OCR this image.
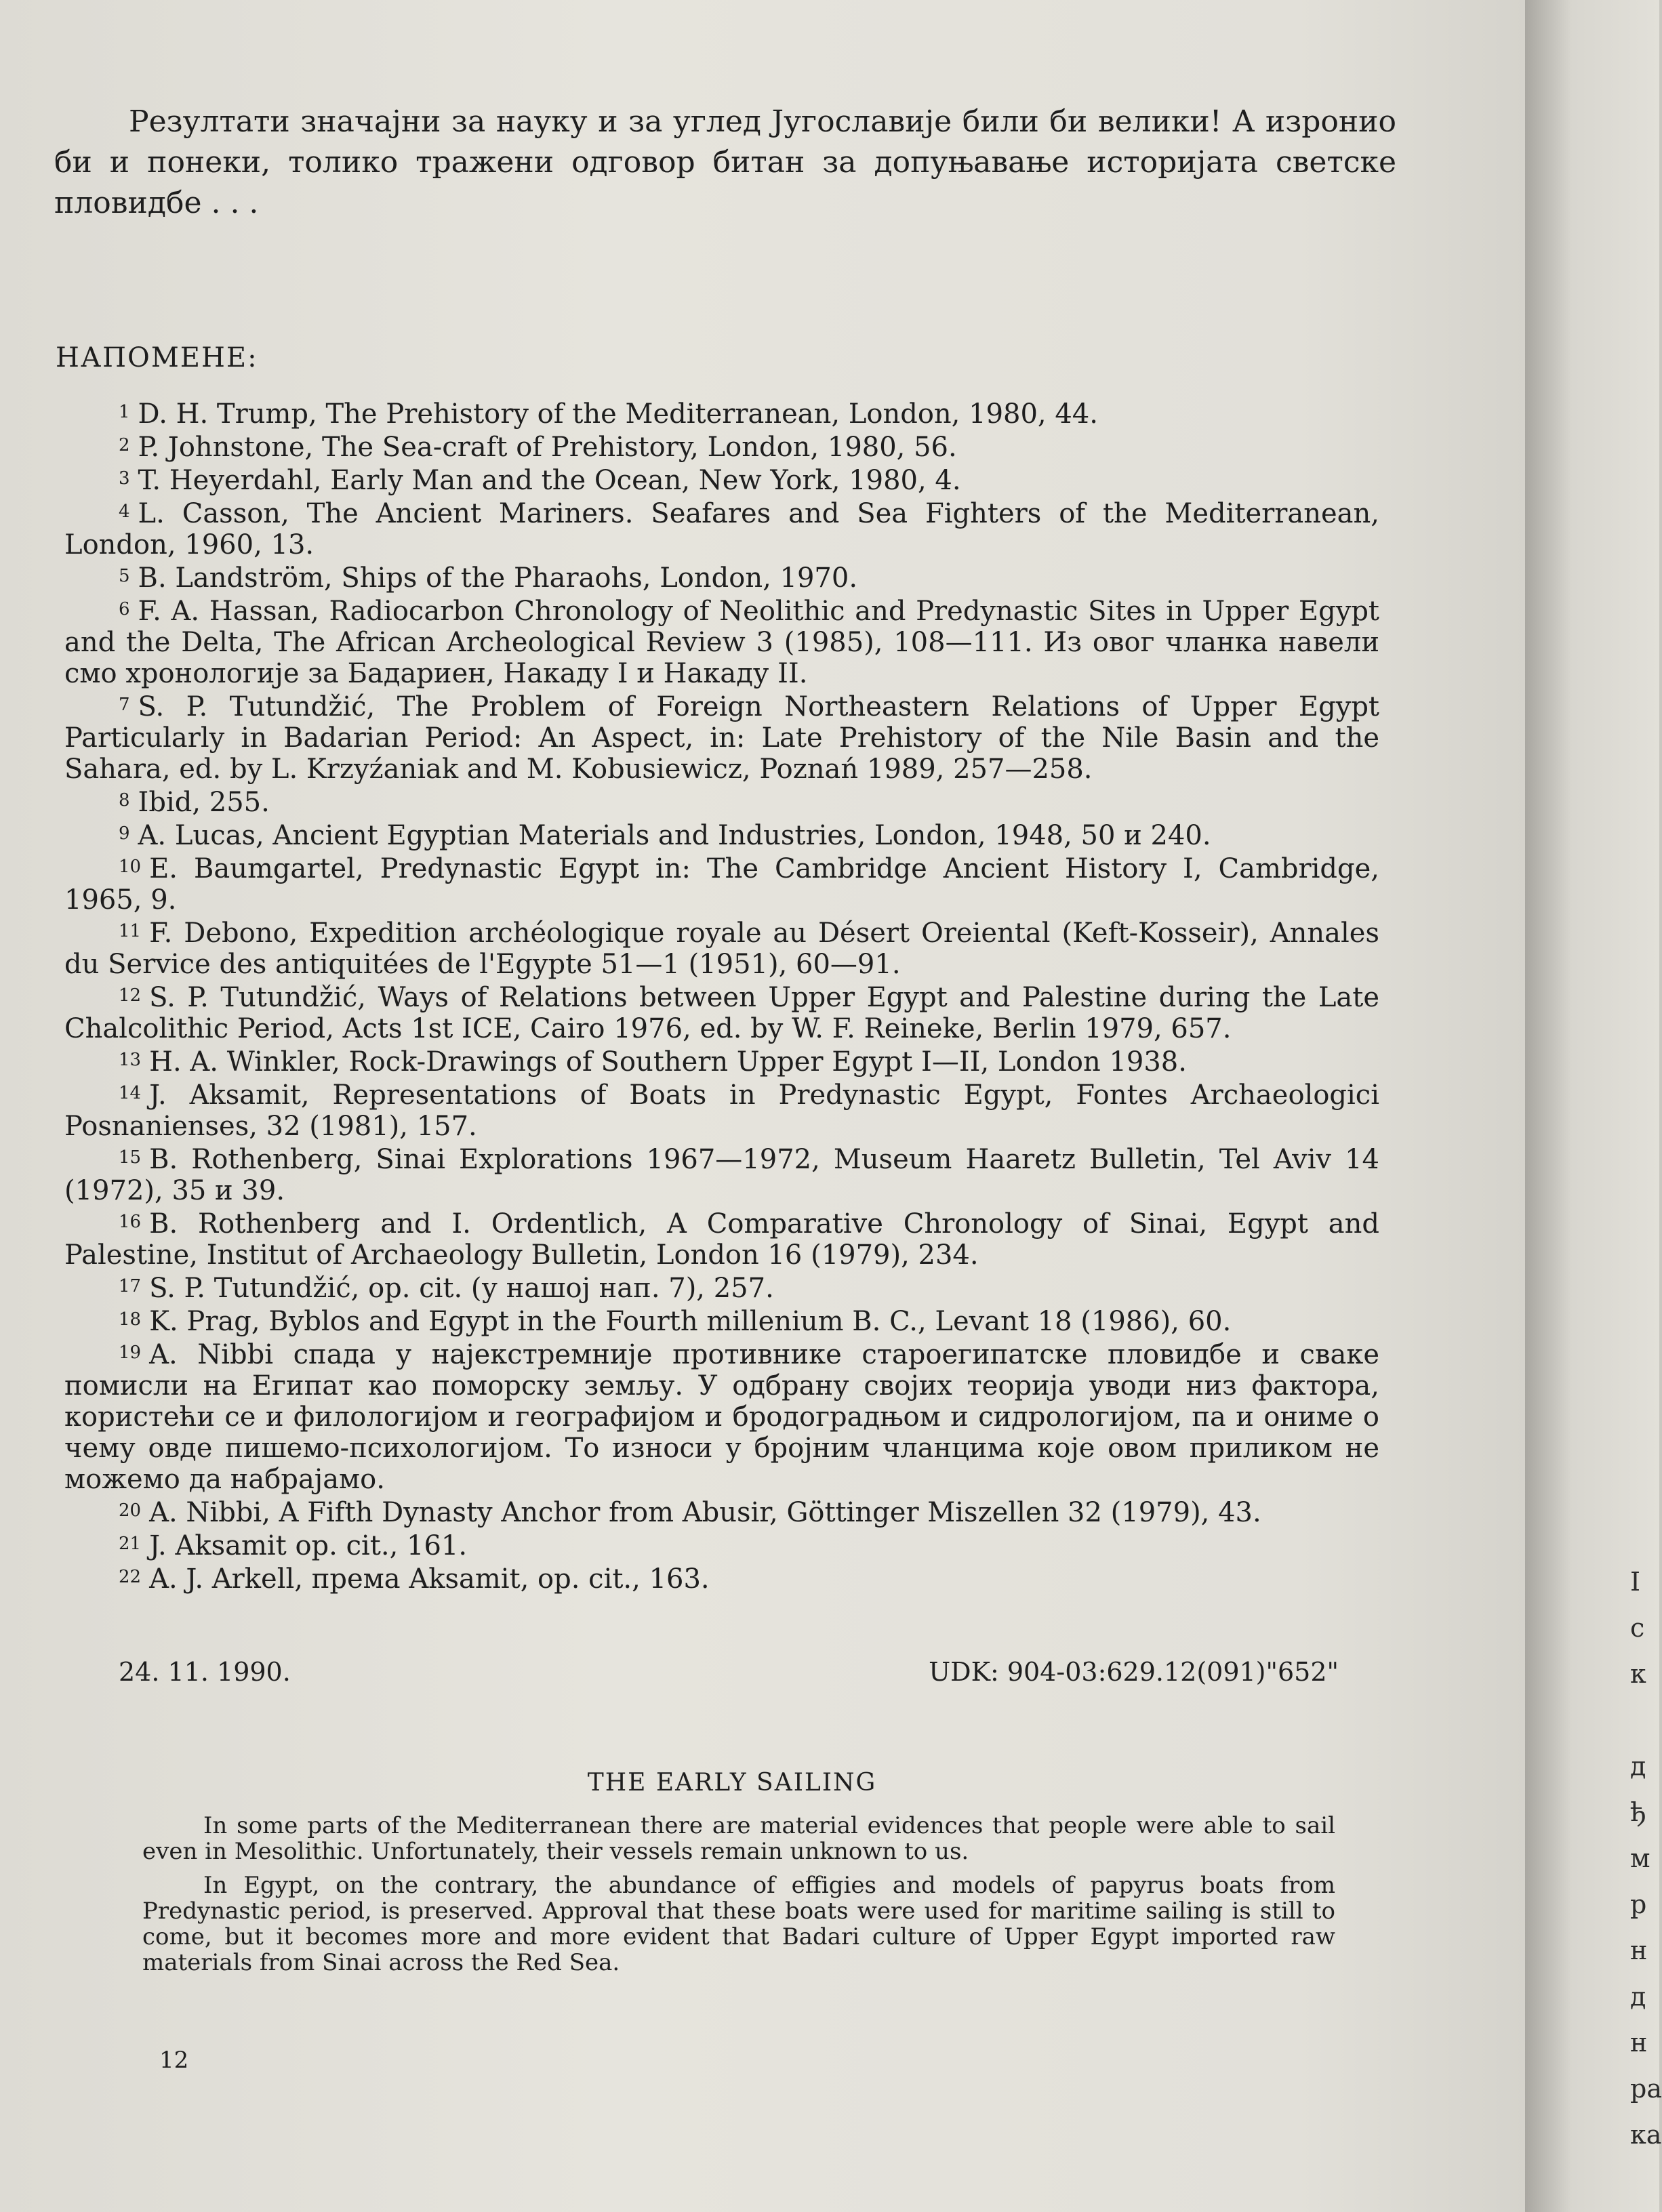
Резултати значајни за науку и за углед Југославије били би велики! А изронио би и понеки, толико тражени одговор битан за допуњавање историјата светске пловидбе . . .

НАПОМЕНЕ:

$^1$ D. H. Trump, The Prehistory of the Mediterranean, London, 1980, 44.

$^2$ P. Johnstone, The Sea-craft of Prehistory, London, 1980, 56.

$^3$ T. Heyerdahl, Early Man and the Ocean, New York, 1980, 4.

$^4$ L. Casson, The Ancient Mariners. Seafares and Sea Fighters of the Mediterranean, London, 1960, 13.

$^5$ B. Landström, Ships of the Pharaohs, London, 1970.

$^6$ F. A. Hassan, Radiocarbon Chronology of Neolithic and Predynastic Sites in Upper Egypt and the Delta, The African Archeological Review 3 (1985), 108—111. Из овог чланка навели смо хронологије за Бадариен, Накаду I и Накаду II.

$^7$ S. P. Tutundžić, The Problem of Foreign Northeastern Relations of Upper Egypt Particularly in Badarian Period: An Aspect, in: Late Prehistory of the Nile Basin and the Sahara, ed. by L. Krzyźaniak and M. Kobusiewicz, Poznań 1989, 257—258.

$^8$ Ibid, 255.

$^9$ A. Lucas, Ancient Egyptian Materials and Industries, London, 1948, 50 и 240.

$^{10}$ E. Baumgartel, Predynastic Egypt in: The Cambridge Ancient History I, Cambridge, 1965, 9.

$^{11}$ F. Debono, Expedition archéologique royale au Désert Oreiental (Keft-Kosseir), Annales du Service des antiquitées de l'Egypte 51—1 (1951), 60—91.

$^{12}$ S. P. Tutundžić, Ways of Relations between Upper Egypt and Palestine during the Late Chalcolithic Period, Acts 1st ICE, Cairo 1976, ed. by W. F. Reineke, Berlin 1979, 657.

$^{13}$ H. A. Winkler, Rock-Drawings of Southern Upper Egypt I—II, London 1938.

$^{14}$ J. Aksamit, Representations of Boats in Predynastic Egypt, Fontes Archaeologici Posnanienses, 32 (1981), 157.

$^{15}$ B. Rothenberg, Sinai Explorations 1967—1972, Museum Haaretz Bulletin, Tel Aviv 14 (1972), 35 и 39.

$^{16}$ B. Rothenberg and I. Ordentlich, A Comparative Chronology of Sinai, Egypt and Palestine, Institut of Archaeology Bulletin, London 16 (1979), 234.

$^{17}$ S. P. Tutundžić, op. cit. (у нашој нап. 7), 257.

$^{18}$ K. Prag, Byblos and Egypt in the Fourth millenium B. C., Levant 18 (1986), 60.

$^{19}$ A. Nibbi спада у најекстремније противнике староегипатске пловидбе и сваке помисли на Египат као поморску земљу. У одбрану својих теорија уводи низ фактора, користећи се и филологијом и географијом и бродоградњом и сидрологијом, па и ониме о чему овде пишемо-психологијом. То износи у бројним чланцима које овом приликом не можемо да набрајамо.

$^{20}$ A. Nibbi, A Fifth Dynasty Anchor from Abusir, Göttinger Miszellen 32 (1979), 43.

$^{21}$ J. Aksamit op. cit., 161.

$^{22}$ A. J. Arkell, према Aksamit, op. cit., 163.

24. 11. 1990.	UDK: 904-03:629.12(091)"652"
THE EARLY SAILING

In some parts of the Mediterranean there are material evidences that people were able to sail even in Mesolithic. Unfortunately, their vessels remain unknown to us.

In Egypt, on the contrary, the abundance of effigies and models of papyrus boats from Predynastic period, is preserved. Approval that these boats were used for maritime sailing is still to come, but it becomes more and more evident that Badari culture of Upper Egypt imported raw materials from Sinai across the Red Sea.

12
I
с
к
д
ђ
м
р
н
д
н
ра
ка
